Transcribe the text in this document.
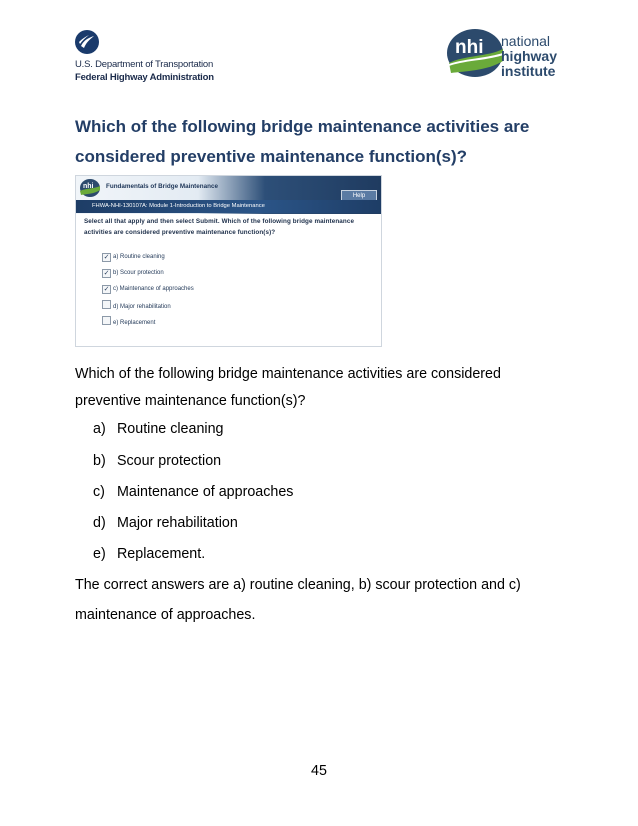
U.S. Department of Transportation
Federal Highway Administration
nhi national
highway
institute
Which of the following bridge maintenance activities are considered preventive maintenance function(s)?
nhi Fundamentals of Bridge Maintenance
Help
FHWA-NHI-130107A: Module 1-Introduction to Bridge Maintenance
Select all that apply and then select Submit. Which of the following bridge maintenance activities are considered preventive maintenance function(s)?
✓ a) Routine cleaning
✓ b) Scour protection
✓ c) Maintenance of approaches
d) Major rehabilitation
e) Replacement
Which of the following bridge maintenance activities are considered preventive maintenance function(s)?
a) Routine cleaning
b) Scour protection
c) Maintenance of approaches
d) Major rehabilitation
e) Replacement.
The correct answers are a) routine cleaning, b) scour protection and c) maintenance of approaches.
45
